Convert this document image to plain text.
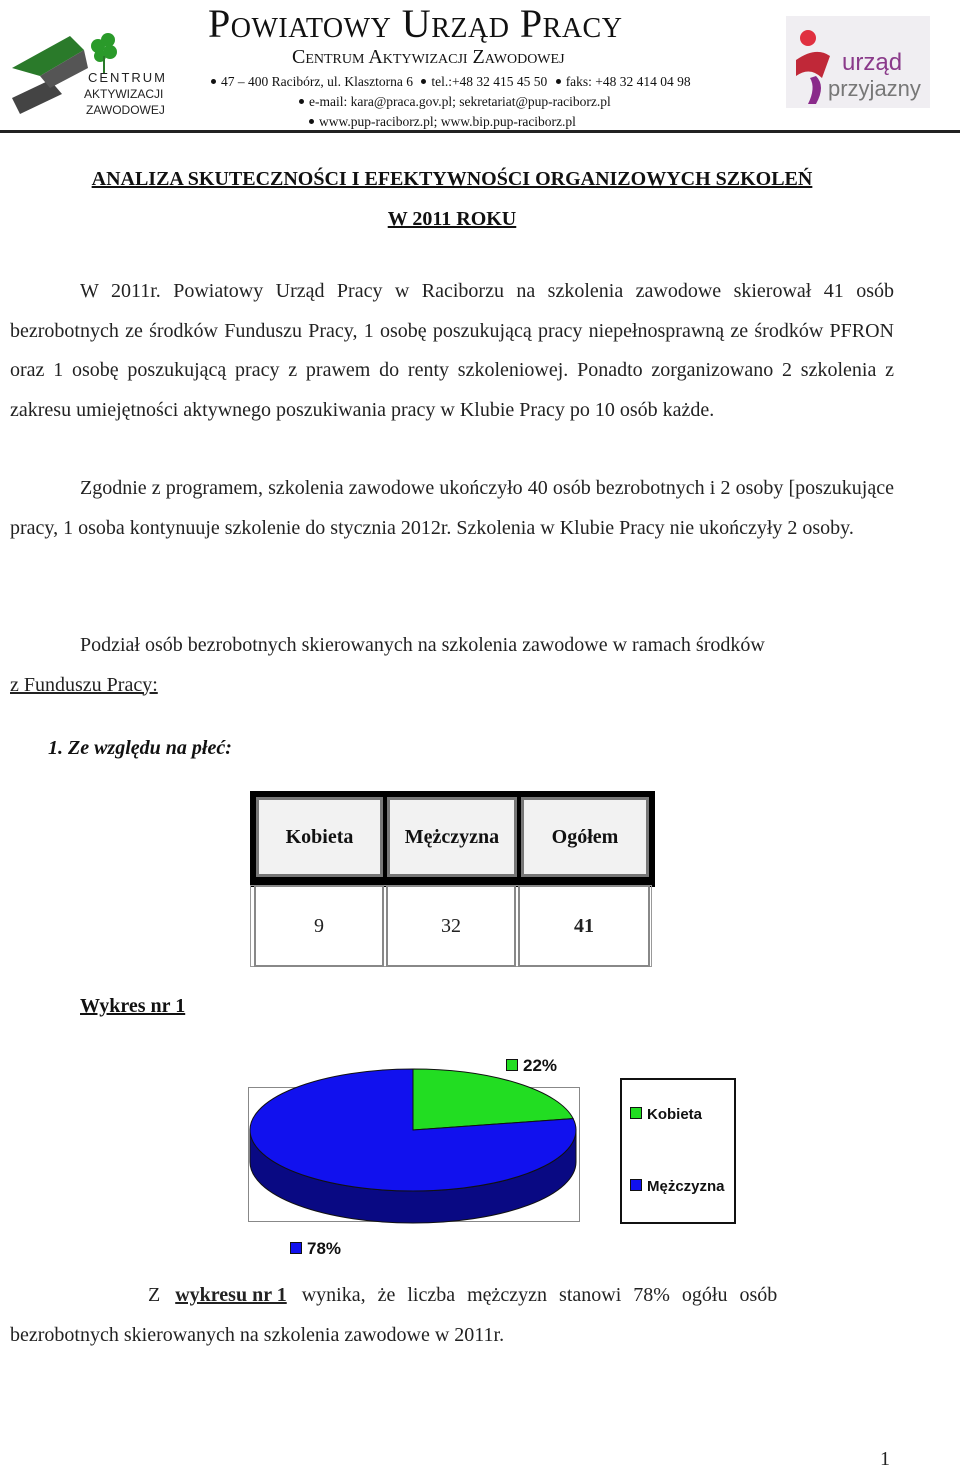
CENTRUM
AKTYWIZACJI
ZAWODOWEJ
Powiatowy Urząd Pracy
Centrum Aktywizacji Zawodowej
47 – 400 Racibórz, ul. Klasztorna 6 tel.:+48 32 415 45 50 faks: +48 32 414 04 98
e-mail: kara@praca.gov.pl; sekretariat@pup-raciborz.pl
www.pup-raciborz.pl; www.bip.pup-raciborz.pl
urząd
przyjazny
ANALIZA SKUTECZNOŚCI I EFEKTYWNOŚCI ORGANIZOWYCH SZKOLEŃ
W 2011 ROKU
W 2011r. Powiatowy Urząd Pracy w Raciborzu na szkolenia zawodowe skierował 41 osób bezrobotnych ze środków Funduszu Pracy, 1 osobę poszukującą pracy niepełnosprawną ze środków PFRON oraz 1 osobę poszukującą pracy z prawem do renty szkoleniowej. Ponadto zorganizowano 2 szkolenia z zakresu umiejętności aktywnego poszukiwania pracy w Klubie Pracy po 10 osób każde.
Zgodnie z programem, szkolenia zawodowe ukończyło 40 osób bezrobotnych i 2 osoby [poszukujące pracy, 1 osoba kontynuuje szkolenie do stycznia 2012r. Szkolenia w Klubie Pracy nie ukończyły 2 osoby.
Podział osób bezrobotnych skierowanych na szkolenia zawodowe w ramach środków
z Funduszu Pracy:
1. Ze względu na płeć:
Kobieta	Mężczyzna	Ogółem
9	32	41
Wykres nr 1
22%
78%
Kobieta
Mężczyzna
Z wykresu nr 1 wynika, że liczba mężczyzn stanowi 78% ogółu osób
bezrobotnych skierowanych na szkolenia zawodowe w 2011r.
1
